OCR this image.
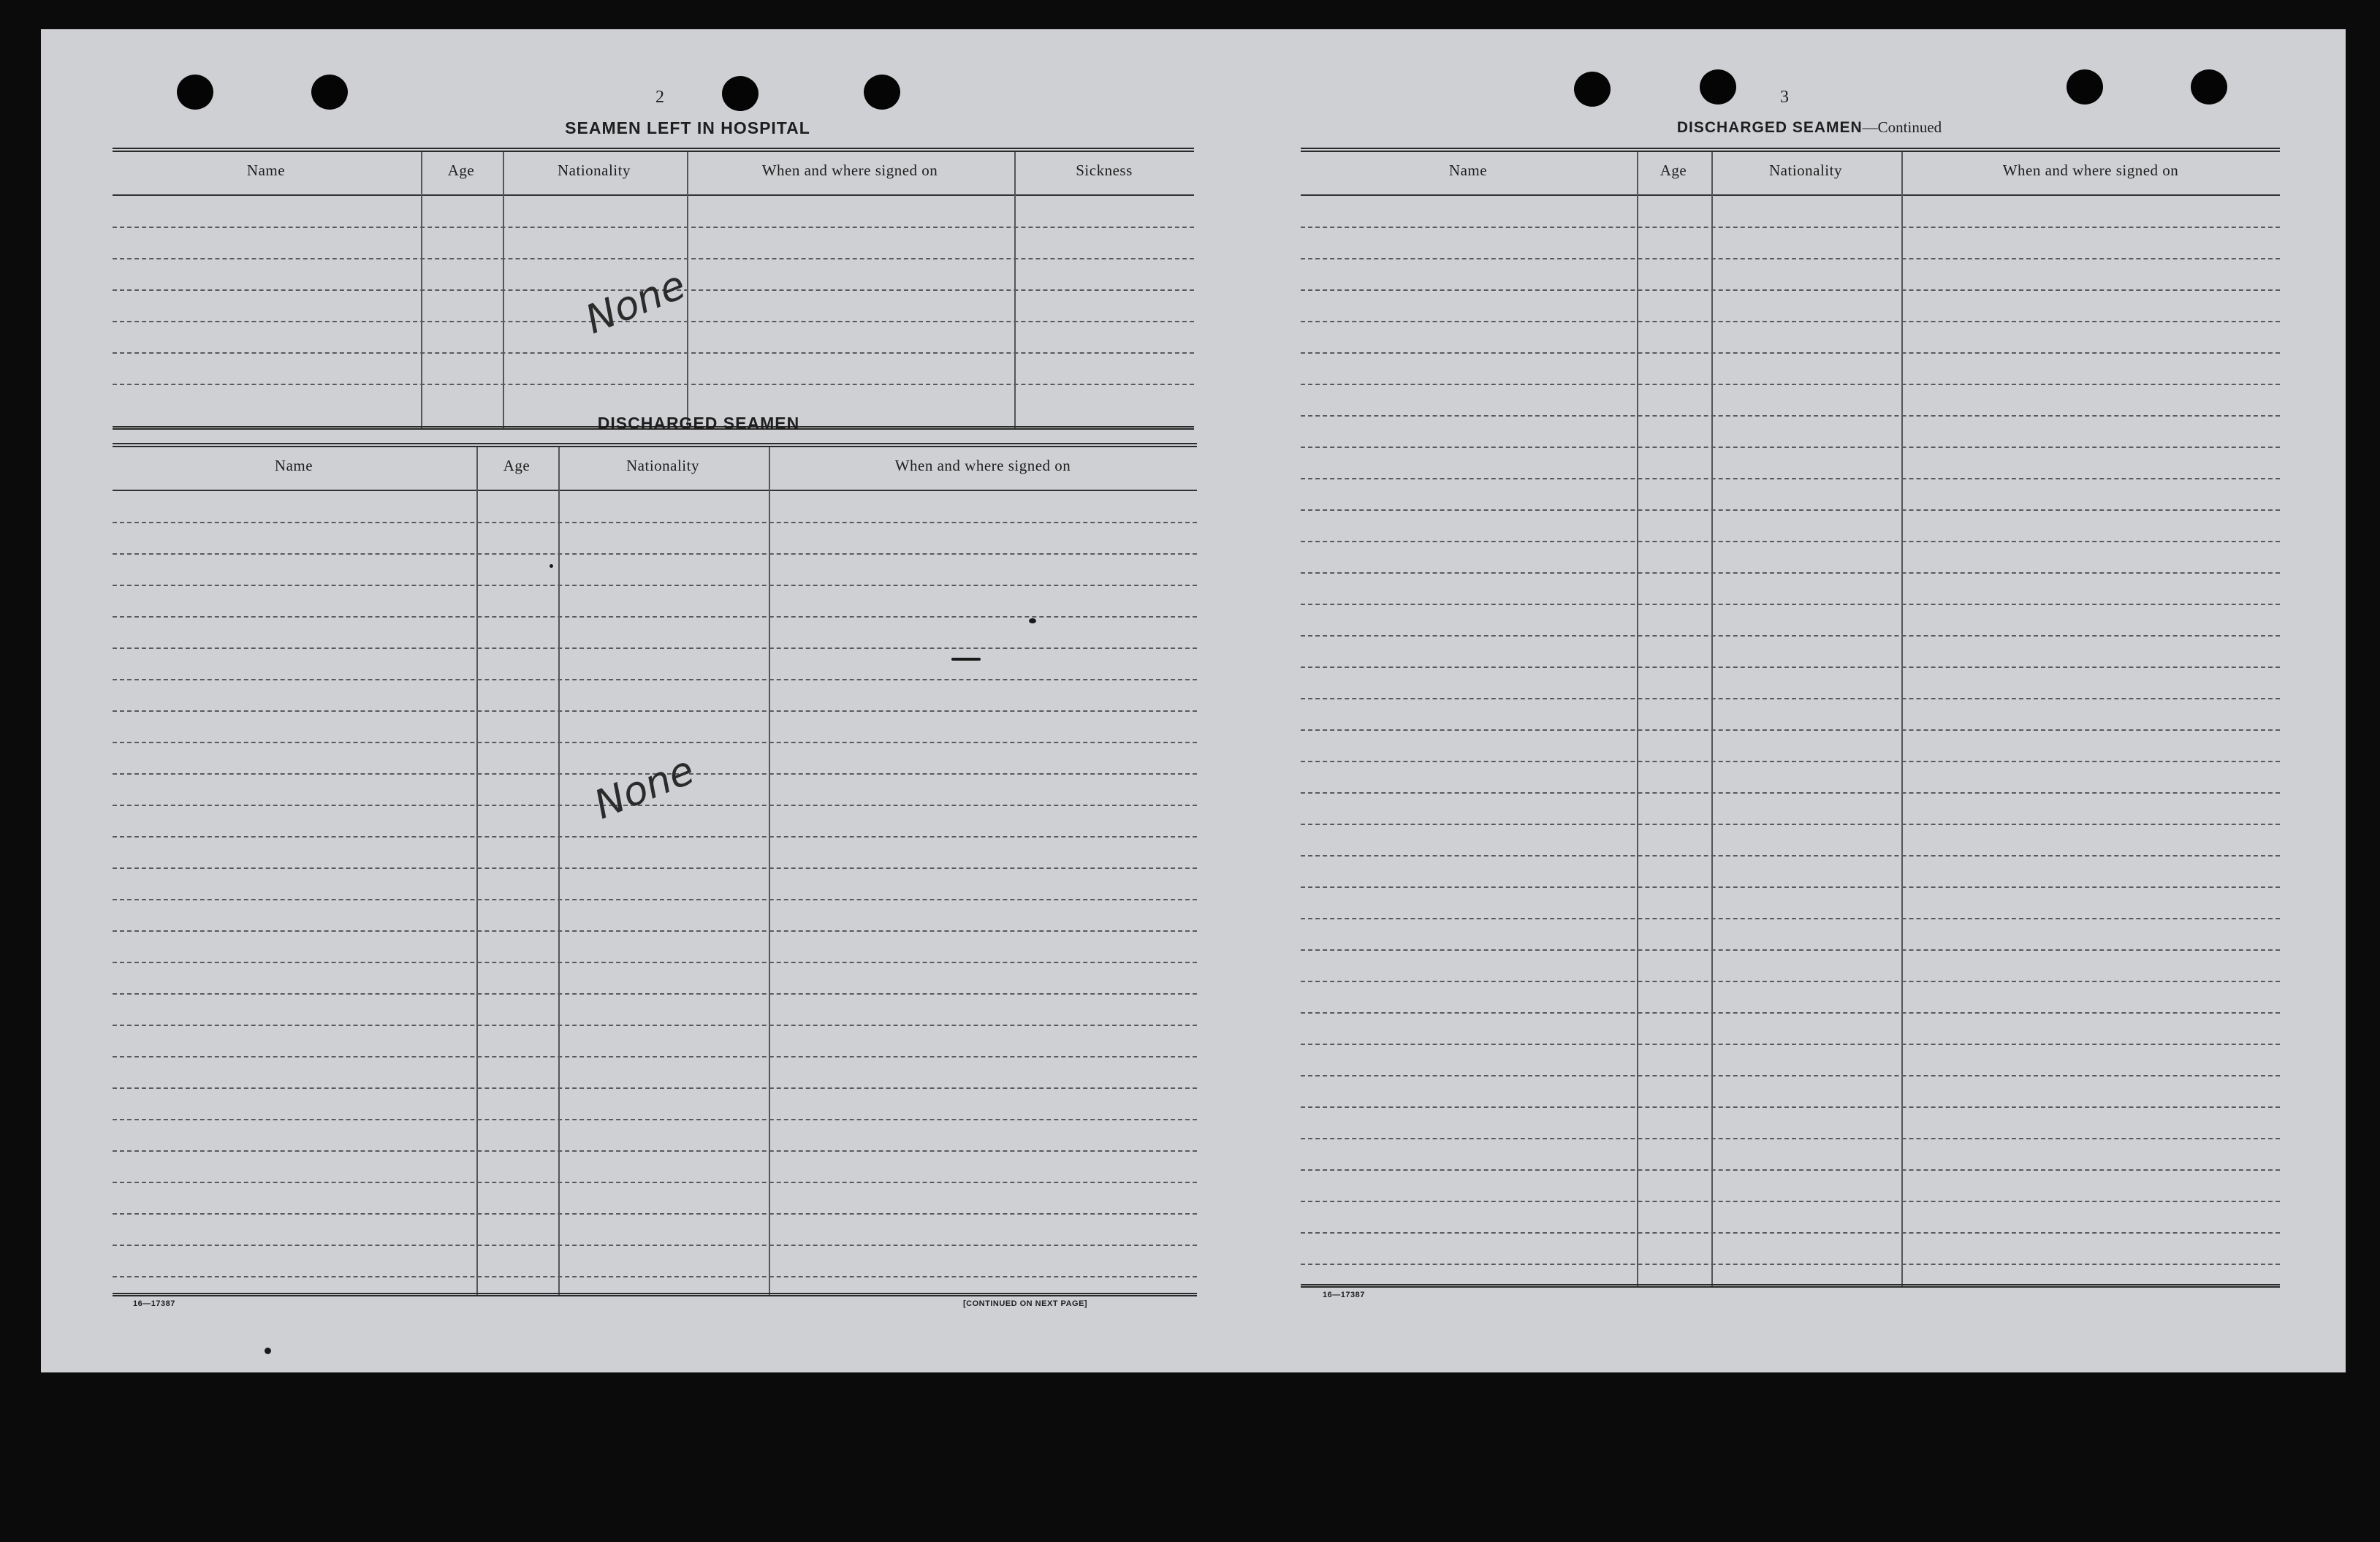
2
SEAMEN LEFT IN HOSPITAL
Name	Age	Nationality	When and where signed on	Sickness
None
DISCHARGED SEAMEN
Name	Age	Nationality	When and where signed on
None
16—17387	[CONTINUED ON NEXT PAGE]
3
DISCHARGED SEAMEN—Continued
Name	Age	Nationality	When and where signed on
16—17387
